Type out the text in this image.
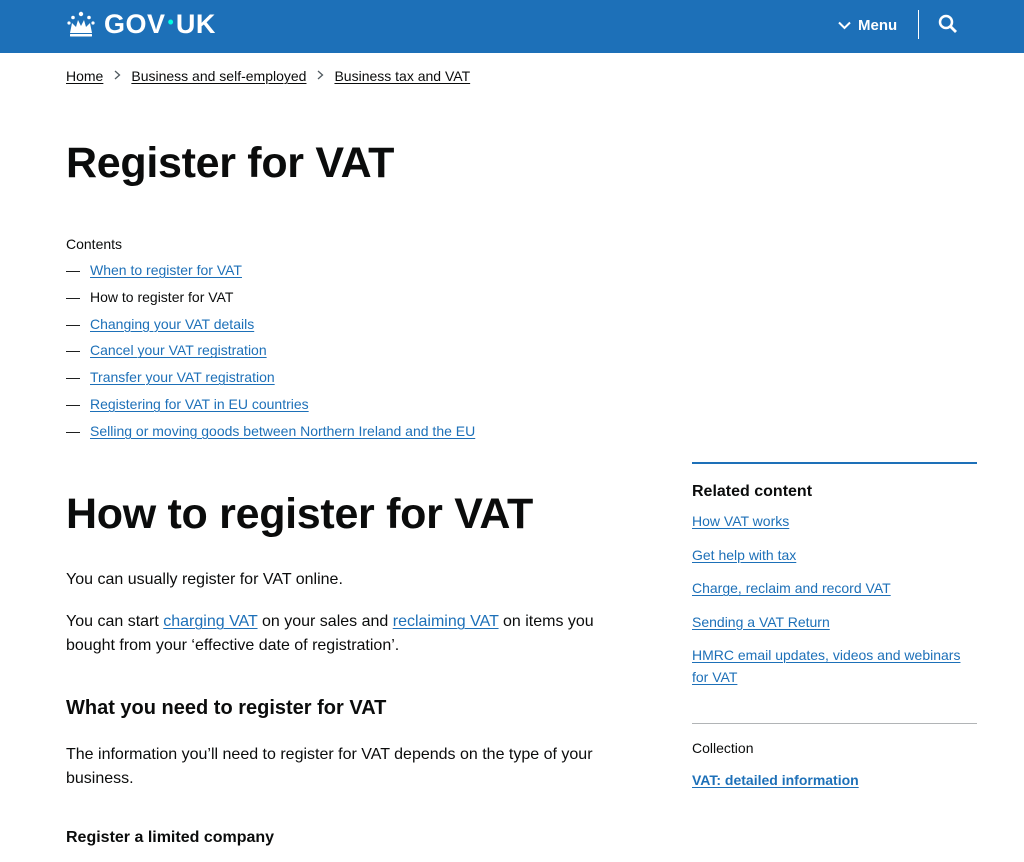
GOV • UK	Menu
Home Business and self-employed Business tax and VAT
Register for VAT
Contents
— When to register for VAT
— How to register for VAT
— Changing your VAT details
— Cancel your VAT registration
— Transfer your VAT registration
— Registering for VAT in EU countries
— Selling or moving goods between Northern Ireland and the EU
How to register for VAT

You can usually register for VAT online.

You can start charging VAT on your sales and reclaiming VAT on items you bought from your ‘effective date of registration’.

What you need to register for VAT

The information you’ll need to register for VAT depends on the type of your business.

Register a limited company
Related content
How VAT works
Get help with tax
Charge, reclaim and record VAT
Sending a VAT Return
HMRC email updates, videos and webinars for VAT
Collection
VAT: detailed information
